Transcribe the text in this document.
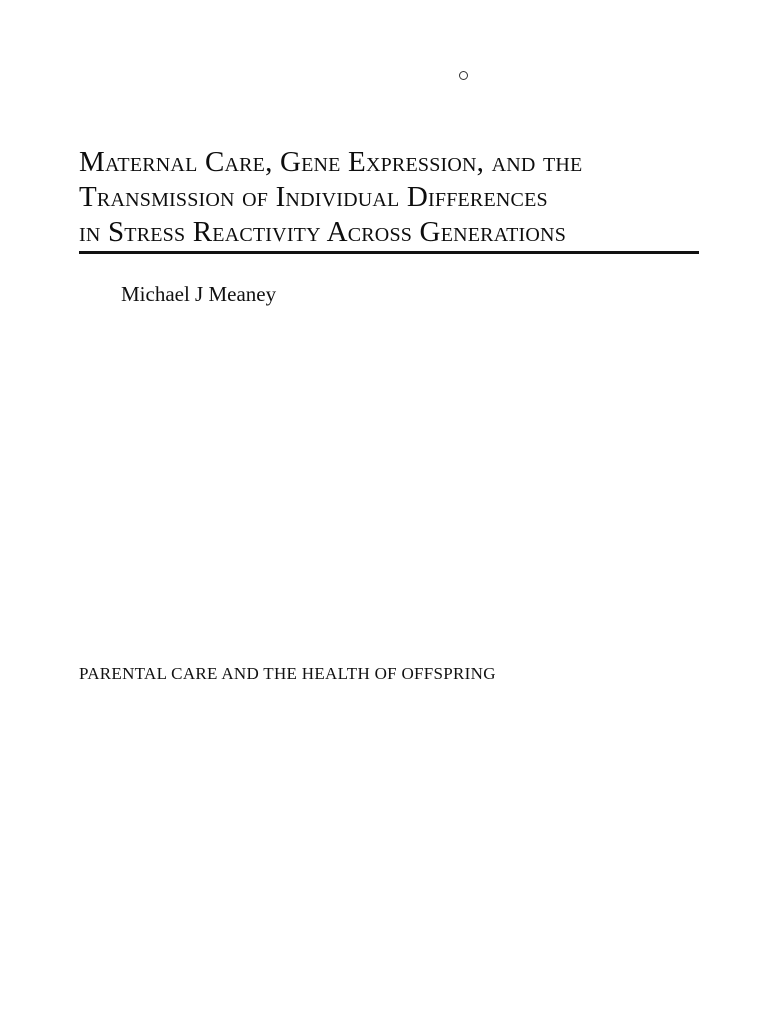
Maternal Care, Gene Expression, and the
Transmission of Individual Differences
in Stress Reactivity Across Generations
Michael J Meaney
PARENTAL CARE AND THE HEALTH OF OFFSPRING
